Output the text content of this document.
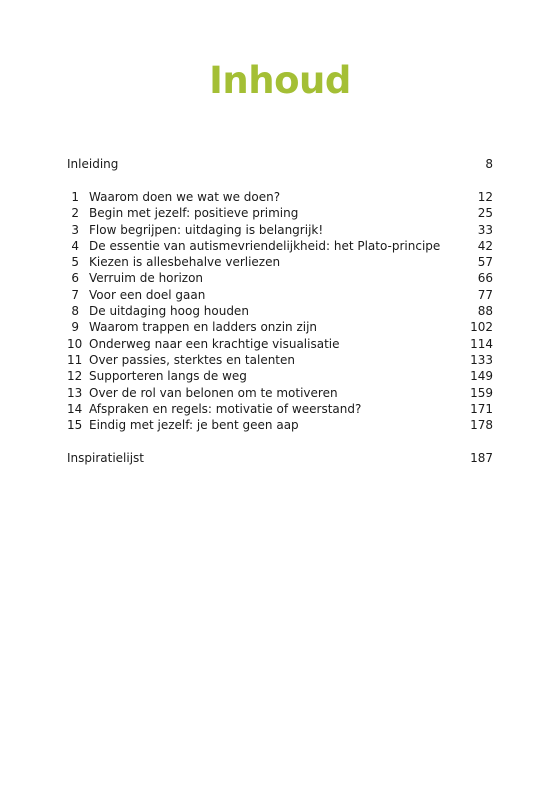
Inhoud
Inleiding	8
1 Waarom doen we wat we doen?	12
2 Begin met jezelf: positieve priming	25
3 Flow begrijpen: uitdaging is belangrijk!	33
4 De essentie van autismevriendelijkheid: het Plato-principe	42
5 Kiezen is allesbehalve verliezen	57
6 Verruim de horizon	66
7 Voor een doel gaan	77
8 De uitdaging hoog houden	88
9 Waarom trappen en ladders onzin zijn	102
10 Onderweg naar een krachtige visualisatie	114
11 Over passies, sterktes en talenten	133
12 Supporteren langs de weg	149
13 Over de rol van belonen om te motiveren	159
14 Afspraken en regels: motivatie of weerstand?	171
15 Eindig met jezelf: je bent geen aap	178
Inspiratielijst	187
